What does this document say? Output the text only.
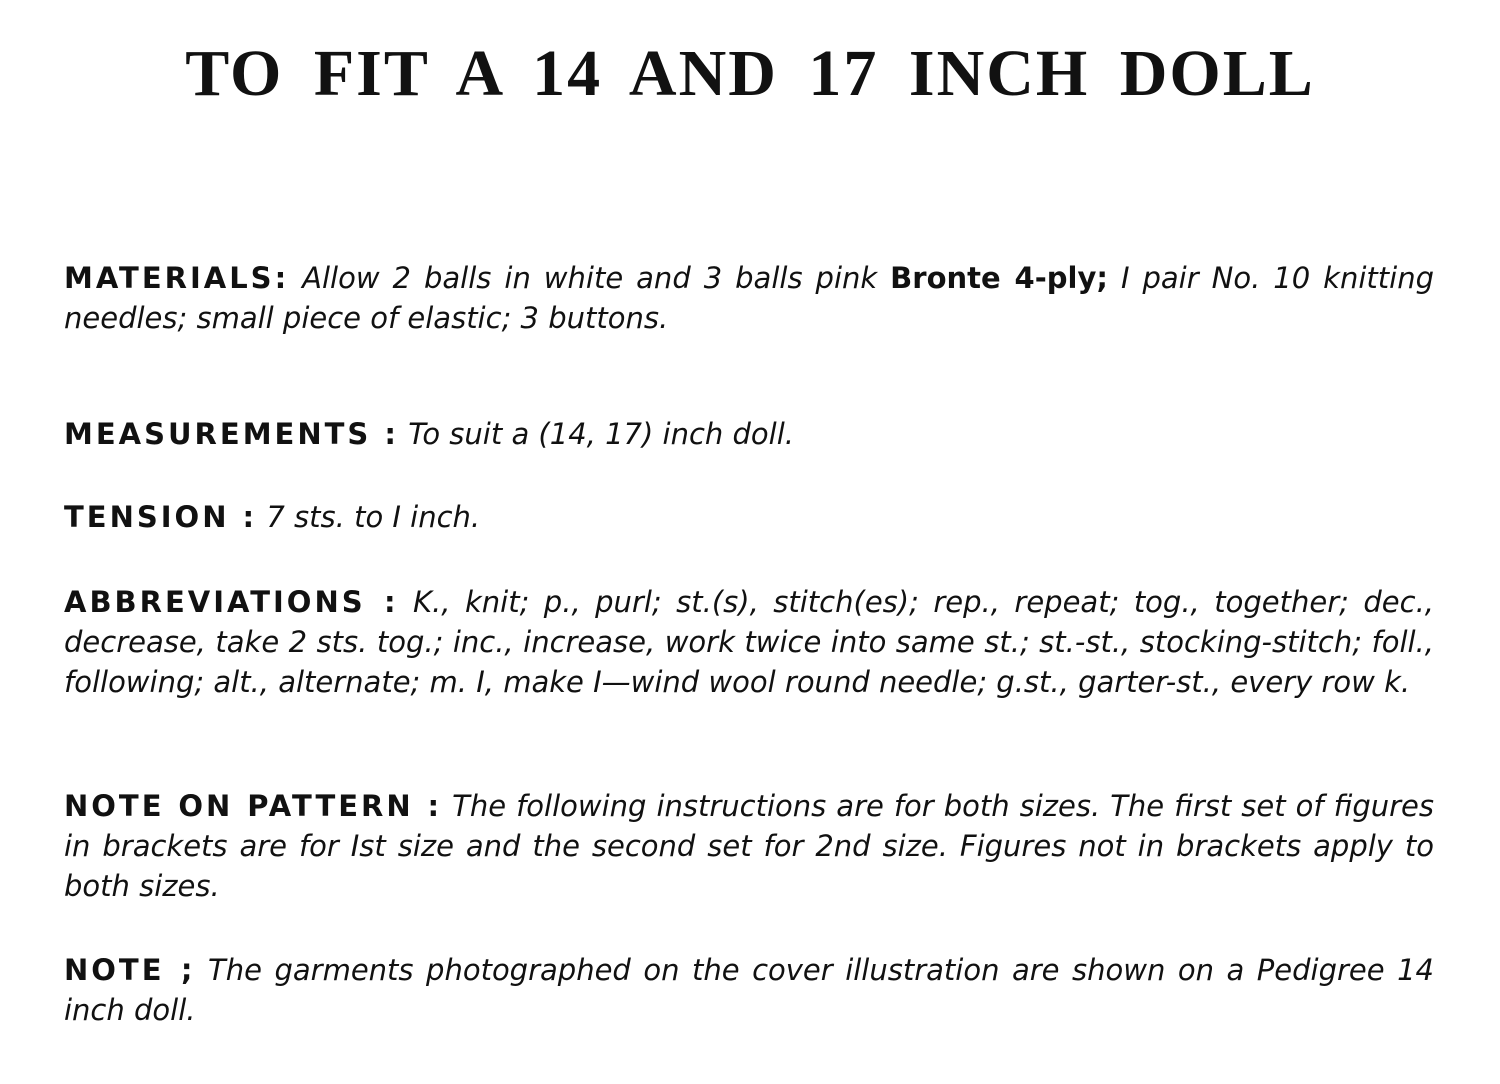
TO FIT A 14 AND 17 INCH DOLL

MATERIALS: Allow 2 balls in white and 3 balls pink Bronte 4-ply; I pair No. 10 knitting needles; small piece of elastic; 3 buttons.

MEASUREMENTS : To suit a (14, 17) inch doll.

TENSION : 7 sts. to I inch.

ABBREVIATIONS : K., knit; p., purl; st.(s), stitch(es); rep., repeat; tog., together; dec., decrease, take 2 sts. tog.; inc., increase, work twice into same st.; st.-st., stocking-stitch; foll., following; alt., alternate; m. I, make I—wind wool round needle; g.st., garter-st., every row k.

NOTE ON PATTERN : The following instructions are for both sizes. The first set of figures in brackets are for Ist size and the second set for 2nd size. Figures not in brackets apply to both sizes.

NOTE ; The garments photographed on the cover illustration are shown on a Pedigree 14 inch doll.
